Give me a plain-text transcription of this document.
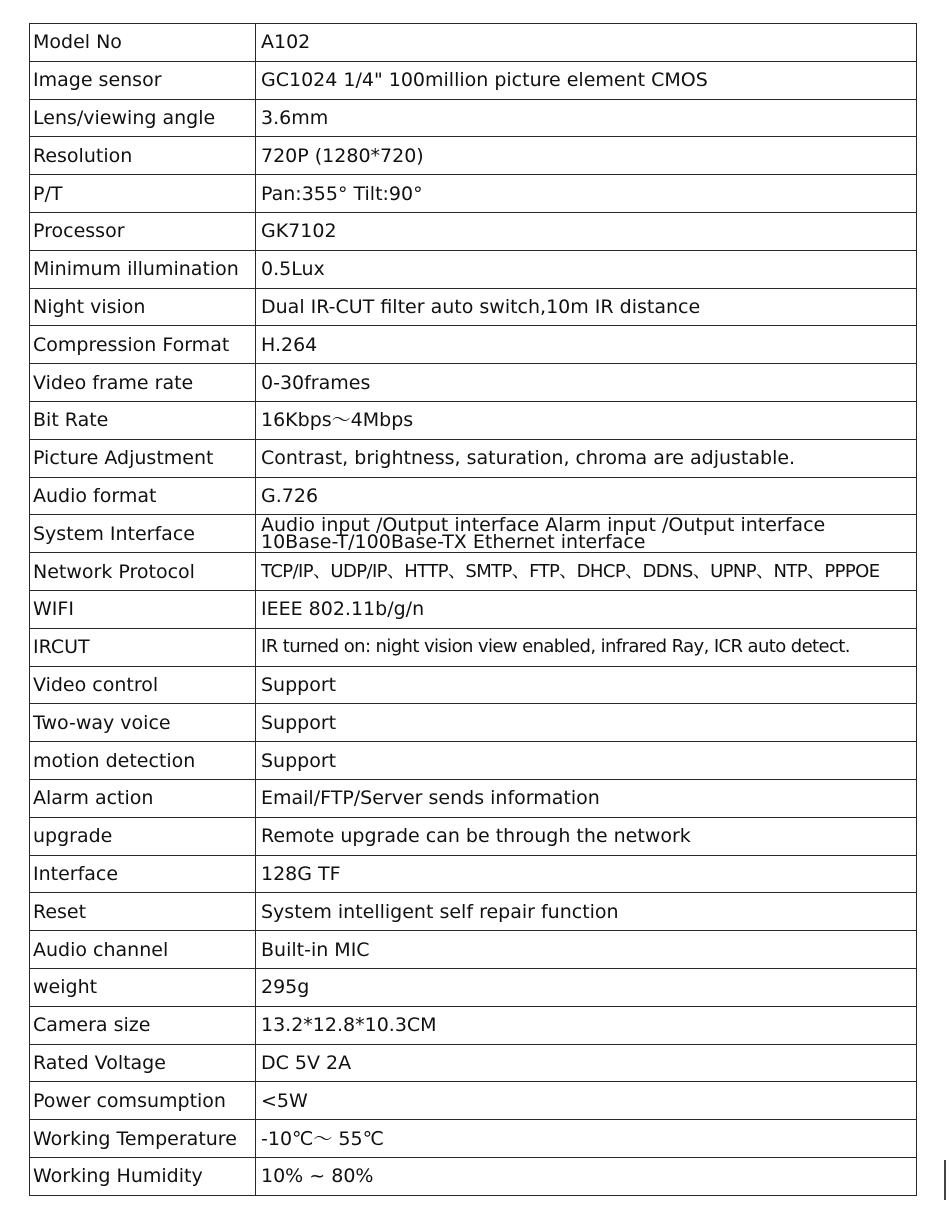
Model No	A102
Image sensor	GC1024 1/4" 100million picture element CMOS
Lens/viewing angle	3.6mm
Resolution	720P (1280*720)
P/T	Pan:355° Tilt:90°
Processor	GK7102
Minimum illumination	0.5Lux
Night vision	Dual IR-CUT filter auto switch,10m IR distance
Compression Format	H.264
Video frame rate	0-30frames
Bit Rate	16Kbps～4Mbps
Picture Adjustment	Contrast, brightness, saturation, chroma are adjustable.
Audio format	G.726
System Interface	Audio input /Output interface Alarm input /Output interface
10Base-T/100Base-TX Ethernet interface

Network Protocol	TCP/IP、UDP/IP、HTTP、SMTP、FTP、DHCP、DDNS、UPNP、NTP、PPPOE
WIFI	IEEE 802.11b/g/n
IRCUT	IR turned on: night vision view enabled, infrared Ray, ICR auto detect.
Video control	Support
Two-way voice	Support
motion detection	Support
Alarm action	Email/FTP/Server sends information
upgrade	Remote upgrade can be through the network
Interface	128G TF
Reset	System intelligent self repair function
Audio channel	Built-in MIC
weight	295g
Camera size	13.2*12.8*10.3CM
Rated Voltage	DC 5V 2A
Power comsumption	<5W
Working Temperature	-10℃～ 55℃
Working Humidity	10% ~ 80%
